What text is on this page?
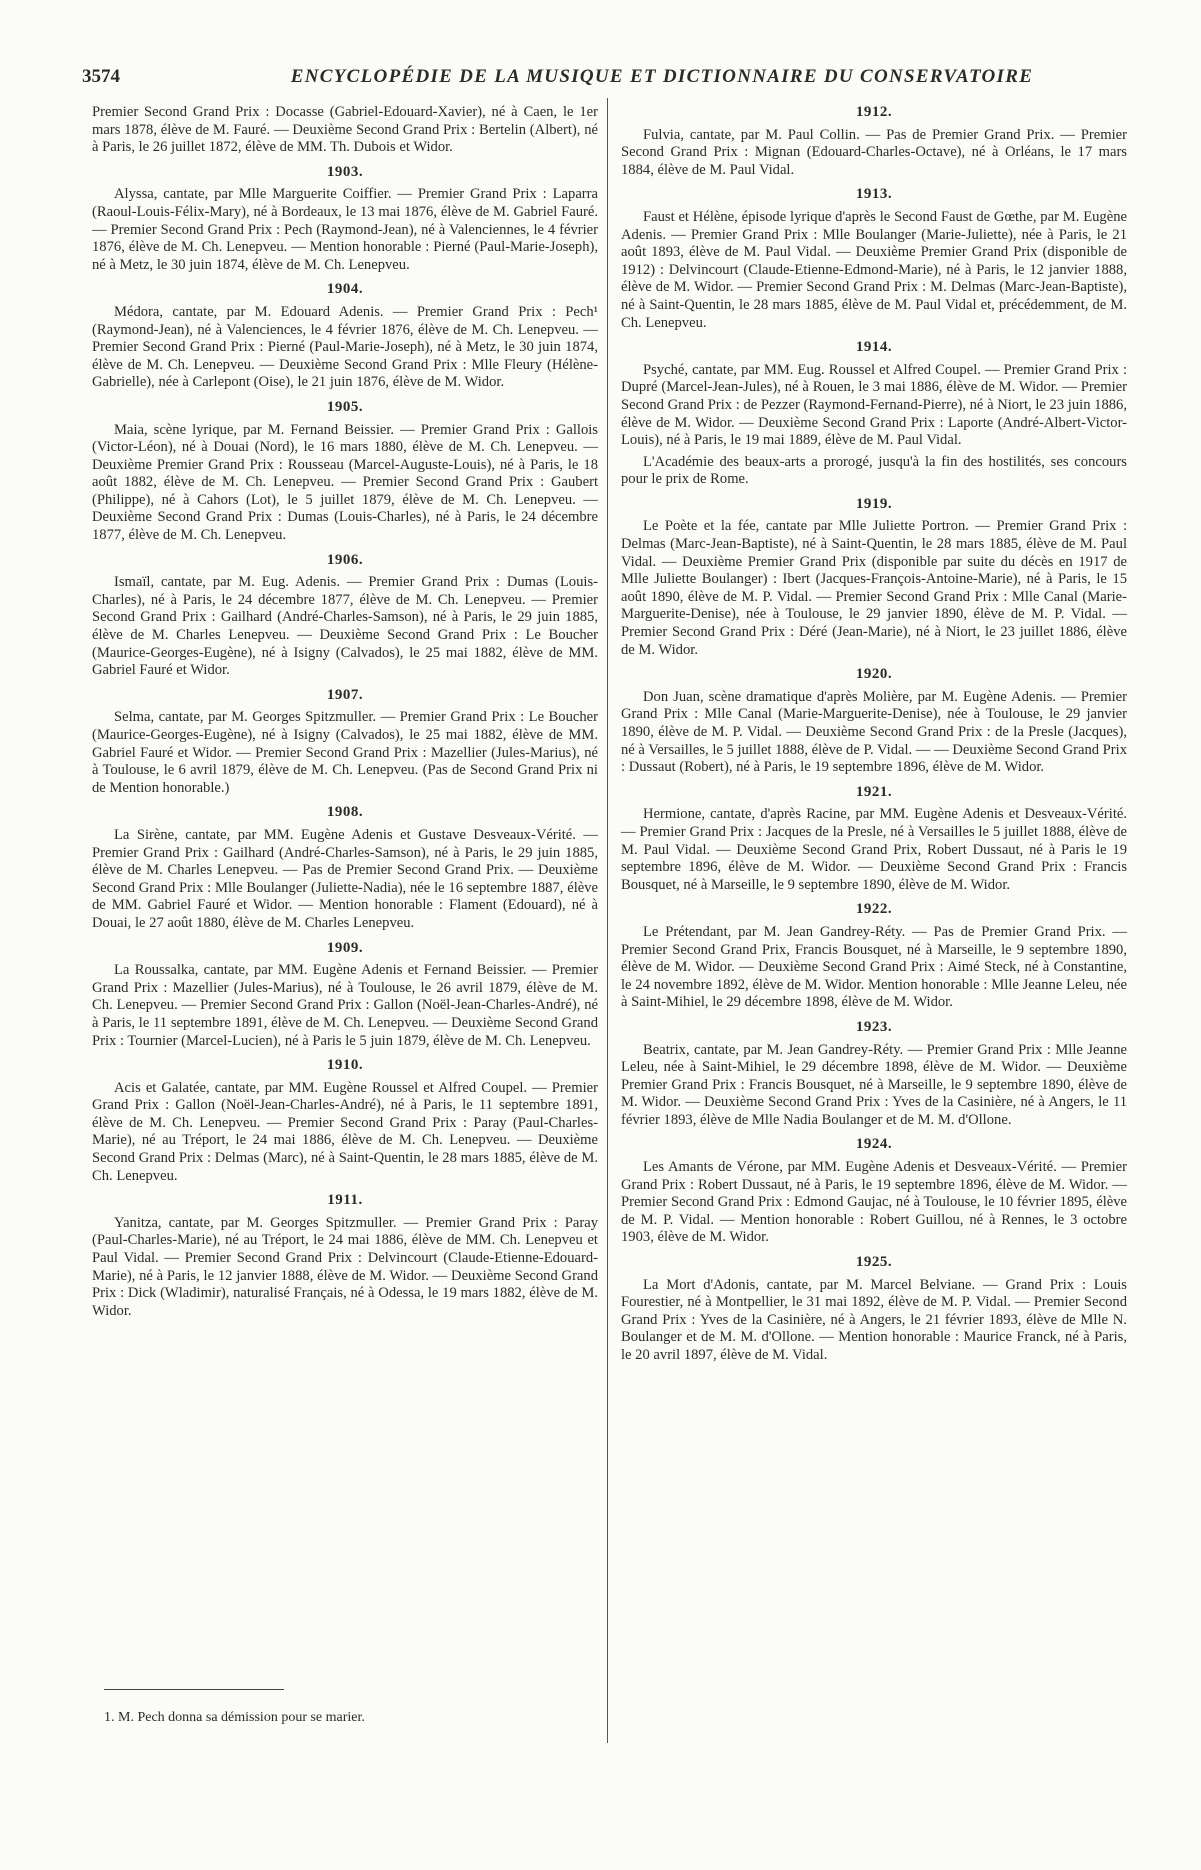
3574	ENCYCLOPÉDIE DE LA MUSIQUE ET DICTIONNAIRE DU CONSERVATOIRE
Premier Second Grand Prix : Docasse (Gabriel-Edouard-Xavier), né à Caen, le 1er mars 1878, élève de M. Fauré. — Deuxième Second Grand Prix : Bertelin (Albert), né à Paris, le 26 juillet 1872, élève de MM. Th. Dubois et Widor.
1903.
Alyssa, cantate, par Mlle Marguerite Coiffier. — Premier Grand Prix : Laparra (Raoul-Louis-Félix-Mary), né à Bordeaux, le 13 mai 1876, élève de M. Gabriel Fauré. — Premier Second Grand Prix : Pech (Raymond-Jean), né à Valenciennes, le 4 février 1876, élève de M. Ch. Lenepveu. — Mention honorable : Pierné (Paul-Marie-Joseph), né à Metz, le 30 juin 1874, élève de M. Ch. Lenepveu.
1904.
Médora, cantate, par M. Edouard Adenis. — Premier Grand Prix : Pech¹ (Raymond-Jean), né à Valenciences, le 4 février 1876, élève de M. Ch. Lenepveu. — Premier Second Grand Prix : Pierné (Paul-Marie-Joseph), né à Metz, le 30 juin 1874, élève de M. Ch. Lenepveu. — Deuxième Second Grand Prix : Mlle Fleury (Hélène-Gabrielle), née à Carlepont (Oise), le 21 juin 1876, élève de M. Widor.
1905.
Maia, scène lyrique, par M. Fernand Beissier. — Premier Grand Prix : Gallois (Victor-Léon), né à Douai (Nord), le 16 mars 1880, élève de M. Ch. Lenepveu. — Deuxième Premier Grand Prix : Rousseau (Marcel-Auguste-Louis), né à Paris, le 18 août 1882, élève de M. Ch. Lenepveu. — Premier Second Grand Prix : Gaubert (Philippe), né à Cahors (Lot), le 5 juillet 1879, élève de M. Ch. Lenepveu. — Deuxième Second Grand Prix : Dumas (Louis-Charles), né à Paris, le 24 décembre 1877, élève de M. Ch. Lenepveu.
1906.
Ismaïl, cantate, par M. Eug. Adenis. — Premier Grand Prix : Dumas (Louis-Charles), né à Paris, le 24 décembre 1877, élève de M. Ch. Lenepveu. — Premier Second Grand Prix : Gailhard (André-Charles-Samson), né à Paris, le 29 juin 1885, élève de M. Charles Lenepveu. — Deuxième Second Grand Prix : Le Boucher (Maurice-Georges-Eugène), né à Isigny (Calvados), le 25 mai 1882, élève de MM. Gabriel Fauré et Widor.
1907.
Selma, cantate, par M. Georges Spitzmuller. — Premier Grand Prix : Le Boucher (Maurice-Georges-Eugène), né à Isigny (Calvados), le 25 mai 1882, élève de MM. Gabriel Fauré et Widor. — Premier Second Grand Prix : Mazellier (Jules-Marius), né à Toulouse, le 6 avril 1879, élève de M. Ch. Lenepveu. (Pas de Second Grand Prix ni de Mention honorable.)
1908.
La Sirène, cantate, par MM. Eugène Adenis et Gustave Desveaux-Vérité. — Premier Grand Prix : Gailhard (André-Charles-Samson), né à Paris, le 29 juin 1885, élève de M. Charles Lenepveu. — Pas de Premier Second Grand Prix. — Deuxième Second Grand Prix : Mlle Boulanger (Juliette-Nadia), née le 16 septembre 1887, élève de MM. Gabriel Fauré et Widor. — Mention honorable : Flament (Edouard), né à Douai, le 27 août 1880, élève de M. Charles Lenepveu.
1909.
La Roussalka, cantate, par MM. Eugène Adenis et Fernand Beissier. — Premier Grand Prix : Mazellier (Jules-Marius), né à Toulouse, le 26 avril 1879, élève de M. Ch. Lenepveu. — Premier Second Grand Prix : Gallon (Noël-Jean-Charles-André), né à Paris, le 11 septembre 1891, élève de M. Ch. Lenepveu. — Deuxième Second Grand Prix : Tournier (Marcel-Lucien), né à Paris le 5 juin 1879, élève de M. Ch. Lenepveu.
1910.
Acis et Galatée, cantate, par MM. Eugène Roussel et Alfred Coupel. — Premier Grand Prix : Gallon (Noël-Jean-Charles-André), né à Paris, le 11 septembre 1891, élève de M. Ch. Lenepveu. — Premier Second Grand Prix : Paray (Paul-Charles-Marie), né au Tréport, le 24 mai 1886, élève de M. Ch. Lenepveu. — Deuxième Second Grand Prix : Delmas (Marc), né à Saint-Quentin, le 28 mars 1885, élève de M. Ch. Lenepveu.
1911.
Yanitza, cantate, par M. Georges Spitzmuller. — Premier Grand Prix : Paray (Paul-Charles-Marie), né au Tréport, le 24 mai 1886, élève de MM. Ch. Lenepveu et Paul Vidal. — Premier Second Grand Prix : Delvincourt (Claude-Etienne-Edouard-Marie), né à Paris, le 12 janvier 1888, élève de M. Widor. — Deuxième Second Grand Prix : Dick (Wladimir), naturalisé Français, né à Odessa, le 19 mars 1882, élève de M. Widor.
1912.
Fulvia, cantate, par M. Paul Collin. — Pas de Premier Grand Prix. — Premier Second Grand Prix : Mignan (Edouard-Charles-Octave), né à Orléans, le 17 mars 1884, élève de M. Paul Vidal.
1913.
Faust et Hélène, épisode lyrique d'après le Second Faust de Gœthe, par M. Eugène Adenis. — Premier Grand Prix : Mlle Boulanger (Marie-Juliette), née à Paris, le 21 août 1893, élève de M. Paul Vidal. — Deuxième Premier Grand Prix (disponible de 1912) : Delvincourt (Claude-Etienne-Edmond-Marie), né à Paris, le 12 janvier 1888, élève de M. Widor. — Premier Second Grand Prix : M. Delmas (Marc-Jean-Baptiste), né à Saint-Quentin, le 28 mars 1885, élève de M. Paul Vidal et, précédemment, de M. Ch. Lenepveu.
1914.
Psyché, cantate, par MM. Eug. Roussel et Alfred Coupel. — Premier Grand Prix : Dupré (Marcel-Jean-Jules), né à Rouen, le 3 mai 1886, élève de M. Widor. — Premier Second Grand Prix : de Pezzer (Raymond-Fernand-Pierre), né à Niort, le 23 juin 1886, élève de M. Widor. — Deuxième Second Grand Prix : Laporte (André-Albert-Victor-Louis), né à Paris, le 19 mai 1889, élève de M. Paul Vidal.
L'Académie des beaux-arts a prorogé, jusqu'à la fin des hostilités, ses concours pour le prix de Rome.
1919.
Le Poète et la fée, cantate par Mlle Juliette Portron. — Premier Grand Prix : Delmas (Marc-Jean-Baptiste), né à Saint-Quentin, le 28 mars 1885, élève de M. Paul Vidal. — Deuxième Premier Grand Prix (disponible par suite du décès en 1917 de Mlle Juliette Boulanger) : Ibert (Jacques-François-Antoine-Marie), né à Paris, le 15 août 1890, élève de M. P. Vidal. — Premier Second Grand Prix : Mlle Canal (Marie-Marguerite-Denise), née à Toulouse, le 29 janvier 1890, élève de M. P. Vidal. — Premier Second Grand Prix : Déré (Jean-Marie), né à Niort, le 23 juillet 1886, élève de M. Widor.
1920.
Don Juan, scène dramatique d'après Molière, par M. Eugène Adenis. — Premier Grand Prix : Mlle Canal (Marie-Marguerite-Denise), née à Toulouse, le 29 janvier 1890, élève de M. P. Vidal. — Deuxième Second Grand Prix : de la Presle (Jacques), né à Versailles, le 5 juillet 1888, élève de P. Vidal. — — Deuxième Second Grand Prix : Dussaut (Robert), né à Paris, le 19 septembre 1896, élève de M. Widor.
1921.
Hermione, cantate, d'après Racine, par MM. Eugène Adenis et Desveaux-Vérité. — Premier Grand Prix : Jacques de la Presle, né à Versailles le 5 juillet 1888, élève de M. Paul Vidal. — Deuxième Second Grand Prix, Robert Dussaut, né à Paris le 19 septembre 1896, élève de M. Widor. — Deuxième Second Grand Prix : Francis Bousquet, né à Marseille, le 9 septembre 1890, élève de M. Widor.
1922.
Le Prétendant, par M. Jean Gandrey-Réty. — Pas de Premier Grand Prix. — Premier Second Grand Prix, Francis Bousquet, né à Marseille, le 9 septembre 1890, élève de M. Widor. — Deuxième Second Grand Prix : Aimé Steck, né à Constantine, le 24 novembre 1892, élève de M. Widor. Mention honorable : Mlle Jeanne Leleu, née à Saint-Mihiel, le 29 décembre 1898, élève de M. Widor.
1923.
Beatrix, cantate, par M. Jean Gandrey-Réty. — Premier Grand Prix : Mlle Jeanne Leleu, née à Saint-Mihiel, le 29 décembre 1898, élève de M. Widor. — Deuxième Premier Grand Prix : Francis Bousquet, né à Marseille, le 9 septembre 1890, élève de M. Widor. — Deuxième Second Grand Prix : Yves de la Casinière, né à Angers, le 11 février 1893, élève de Mlle Nadia Boulanger et de M. M. d'Ollone.
1924.
Les Amants de Vérone, par MM. Eugène Adenis et Desveaux-Vérité. — Premier Grand Prix : Robert Dussaut, né à Paris, le 19 septembre 1896, élève de M. Widor. — Premier Second Grand Prix : Edmond Gaujac, né à Toulouse, le 10 février 1895, élève de M. P. Vidal. — Mention honorable : Robert Guillou, né à Rennes, le 3 octobre 1903, élève de M. Widor.
1925.
La Mort d'Adonis, cantate, par M. Marcel Belviane. — Grand Prix : Louis Fourestier, né à Montpellier, le 31 mai 1892, élève de M. P. Vidal. — Premier Second Grand Prix : Yves de la Casinière, né à Angers, le 21 février 1893, élève de Mlle N. Boulanger et de M. M. d'Ollone. — Mention honorable : Maurice Franck, né à Paris, le 20 avril 1897, élève de M. Vidal.
1. M. Pech donna sa démission pour se marier.
